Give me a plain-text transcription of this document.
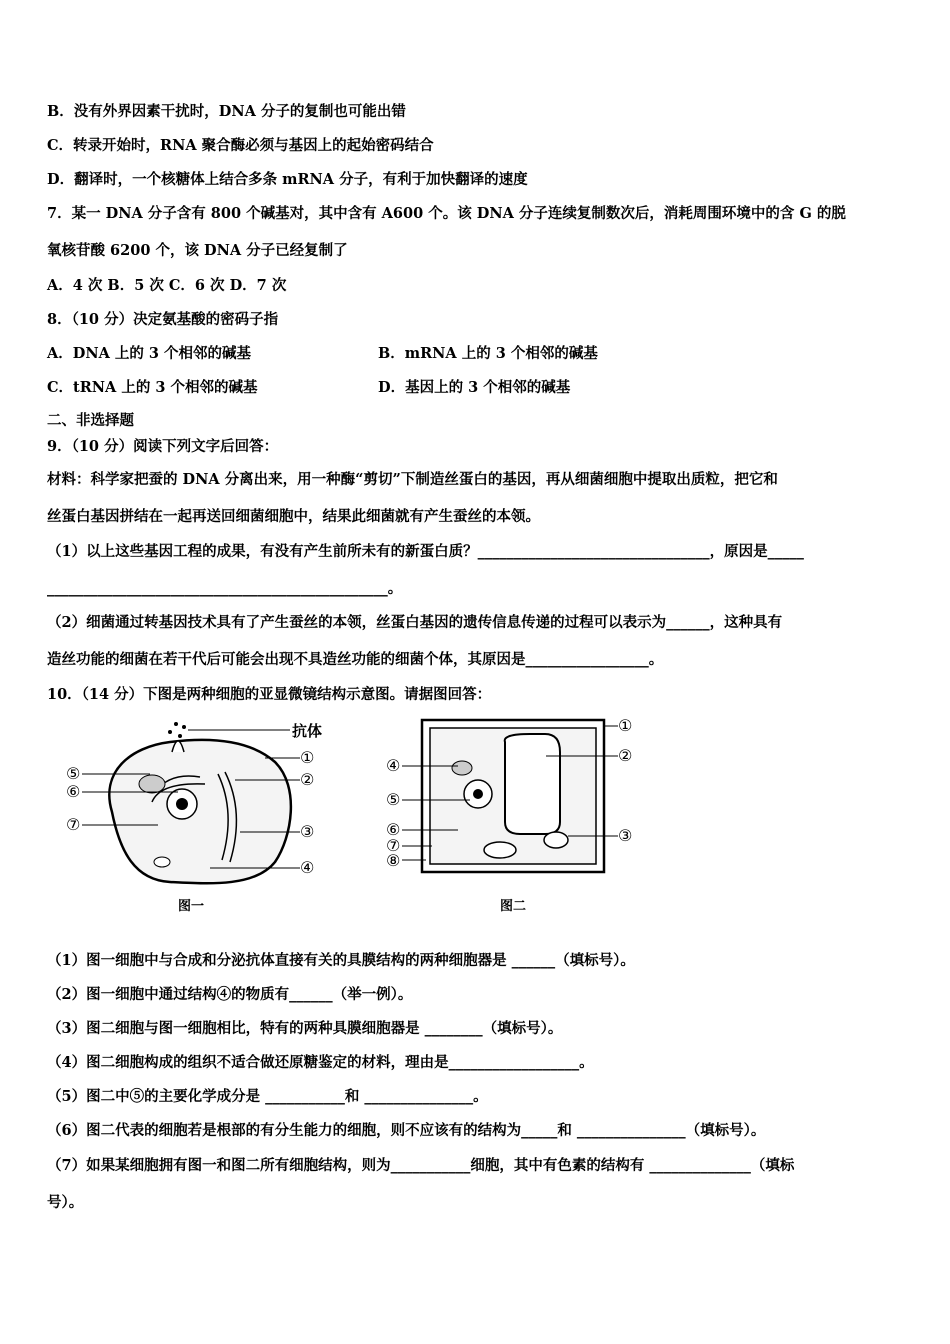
B．没有外界因素干扰时，DNA 分子的复制也可能出错
C．转录开始时，RNA 聚合酶必须与基因上的起始密码结合
D．翻译时，一个核糖体上结合多条 mRNA 分子，有利于加快翻译的速度
7．某一 DNA 分子含有 800 个碱基对，其中含有 A600 个。该 DNA 分子连续复制数次后，消耗周围环境中的含 G 的脱
氧核苷酸 6200 个，该 DNA 分子已经复制了
A．4 次 B．5 次 C．6 次 D．7 次
8．（10 分）决定氨基酸的密码子指
A．DNA 上的 3 个相邻的碱基	B．mRNA 上的 3 个相邻的碱基
C．tRNA 上的 3 个相邻的碱基	D．基因上的 3 个相邻的碱基
二、非选择题
9．（10 分）阅读下列文字后回答：
材料：科学家把蚕的 DNA 分离出来，用一种酶“剪切”下制造丝蛋白的基因，再从细菌细胞中提取出质粒，把它和
丝蛋白基因拼结在一起再送回细菌细胞中，结果此细菌就有产生蚕丝的本领。
（1）以上这些基因工程的成果，有没有产生前所未有的新蛋白质？________________________________，原因是_____
_______________________________________________。
（2）细菌通过转基因技术具有了产生蚕丝的本领，丝蛋白基因的遗传信息传递的过程可以表示为______，这种具有
造丝功能的细菌在若干代后可能会出现不具造丝功能的细菌个体，其原因是_________________。
10．（14 分）下图是两种细胞的亚显微镜结构示意图。请据图回答：
抗体
①
②
③
④
⑤
⑥
⑦
图一
①
②
③
④
⑤
⑥
⑦
⑧
图二
（1）图一细胞中与合成和分泌抗体直接有关的具膜结构的两种细胞器是 ______（填标号）。
（2）图一细胞中通过结构④的物质有______（举一例）。
（3）图二细胞与图一细胞相比，特有的两种具膜细胞器是 ________（填标号）。
（4）图二细胞构成的组织不适合做还原糖鉴定的材料，理由是__________________。
（5）图二中⑤的主要化学成分是 ___________和 _______________。
（6）图二代表的细胞若是根部的有分生能力的细胞，则不应该有的结构为_____和 _______________（填标号）。
（7）如果某细胞拥有图一和图二所有细胞结构，则为___________细胞，其中有色素的结构有 ______________（填标
号）。
